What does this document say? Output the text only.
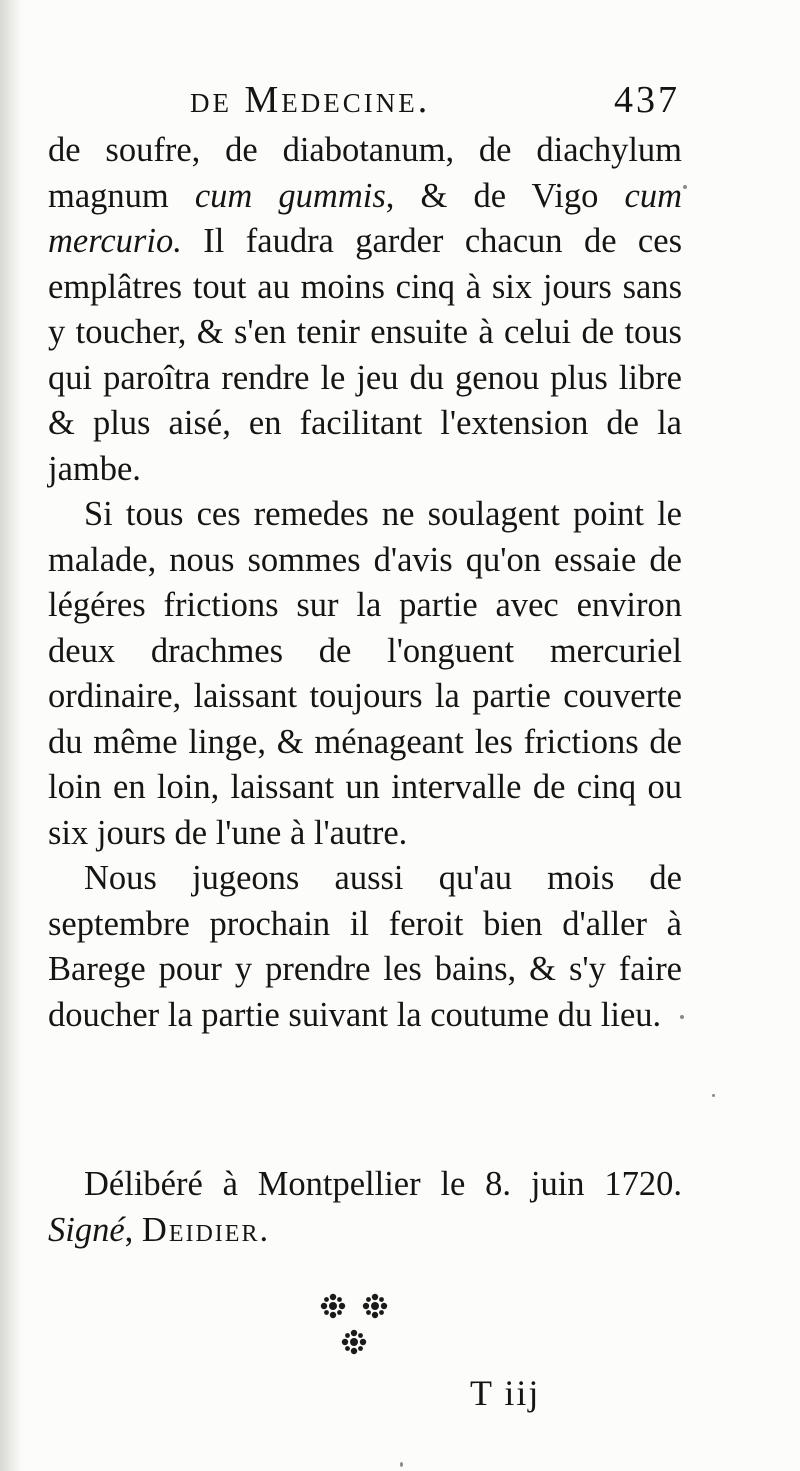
de Medecine.	437

de soufre, de diabotanum, de diachylum magnum cum gummis, & de Vigo cum mercurio. Il faudra garder chacun de ces emplâtres tout au moins cinq à six jours sans y toucher, & s'en tenir ensuite à celui de tous qui paroîtra rendre le jeu du genou plus libre & plus aisé, en facilitant l'extension de la jambe.

Si tous ces remedes ne soulagent point le malade, nous sommes d'avis qu'on essaie de légéres frictions sur la partie avec environ deux drachmes de l'onguent mercuriel ordinaire, laissant toujours la partie couverte du même linge, & ménageant les frictions de loin en loin, laissant un intervalle de cinq ou six jours de l'une à l'autre.

Nous jugeons aussi qu'au mois de septembre prochain il feroit bien d'aller à Barege pour y prendre les bains, & s'y faire doucher la partie suivant la coutume du lieu.

Délibéré à Montpellier le 8. juin 1720. Signé, Deidier.

T iij
